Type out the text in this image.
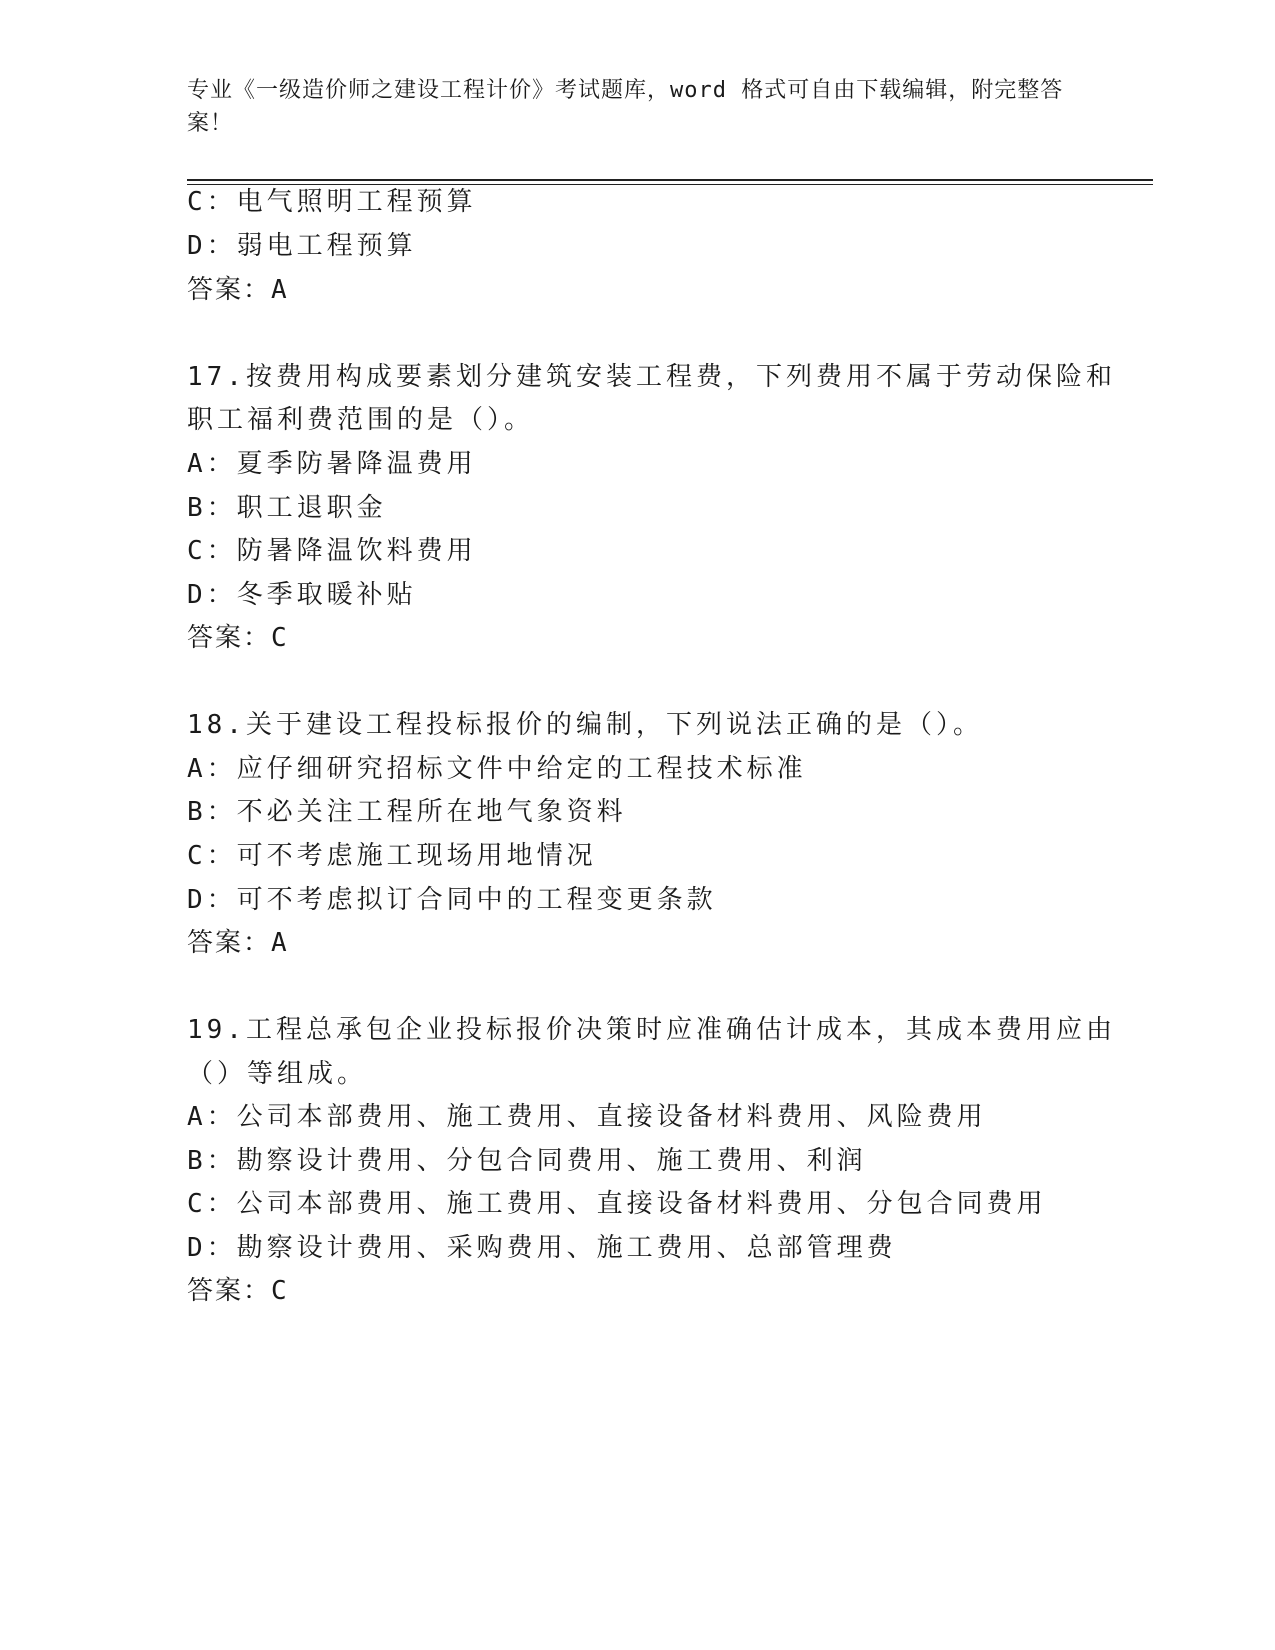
专业《一级造价师之建设工程计价》考试题库，word 格式可自由下载编辑，附完整答案！
C：电气照明工程预算
D：弱电工程预算
答案：A
17.按费用构成要素划分建筑安装工程费，下列费用不属于劳动保险和
职工福利费范围的是（）。
A：夏季防暑降温费用
B：职工退职金
C：防暑降温饮料费用
D：冬季取暖补贴
答案：C
18.关于建设工程投标报价的编制，下列说法正确的是（）。
A：应仔细研究招标文件中给定的工程技术标准
B：不必关注工程所在地气象资料
C：可不考虑施工现场用地情况
D：可不考虑拟订合同中的工程变更条款
答案：A
19.工程总承包企业投标报价决策时应准确估计成本，其成本费用应由
（）等组成。
A：公司本部费用、施工费用、直接设备材料费用、风险费用
B：勘察设计费用、分包合同费用、施工费用、利润
C：公司本部费用、施工费用、直接设备材料费用、分包合同费用
D：勘察设计费用、采购费用、施工费用、总部管理费
答案：C
